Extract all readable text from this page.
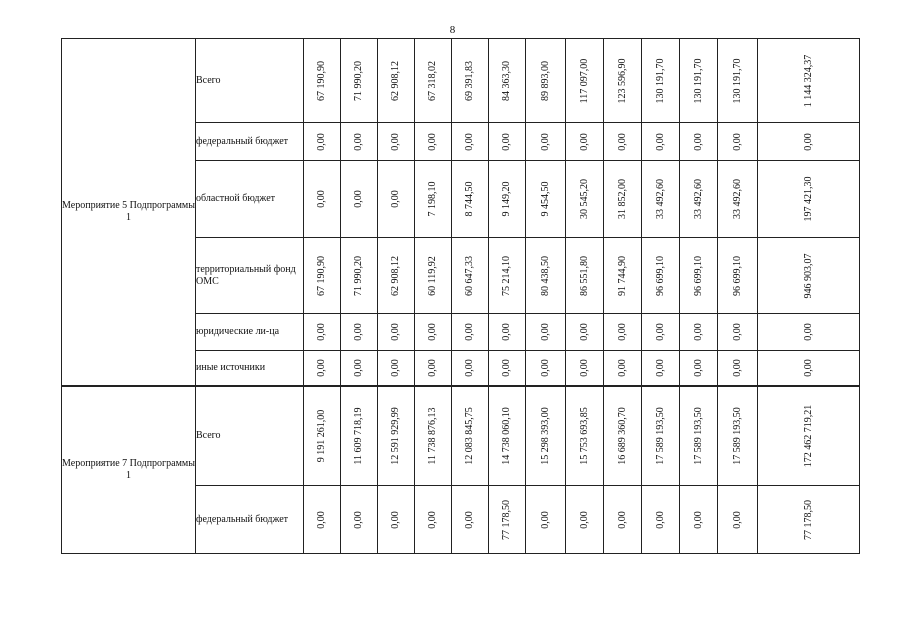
8
Мероприятие 5 Подпрограммы 1	Всего	67 190,90	71 990,20	62 908,12	67 318,02	69 391,83	84 363,30	89 893,00	117 097,00	123 596,90	130 191,70	130 191,70	130 191,70	1 144 324,37

	федеральный бюджет	0,00	0,00	0,00	0,00	0,00	0,00	0,00	0,00	0,00	0,00	0,00	0,00	0,00

	областной бюджет	0,00	0,00	0,00	7 198,10	8 744,50	9 149,20	9 454,50	30 545,20	31 852,00	33 492,60	33 492,60	33 492,60	197 421,30

	территориальный фонд ОМС	67 190,90	71 990,20	62 908,12	60 119,92	60 647,33	75 214,10	80 438,50	86 551,80	91 744,90	96 699,10	96 699,10	96 699,10	946 903,07

	юридические ли-ца	0,00	0,00	0,00	0,00	0,00	0,00	0,00	0,00	0,00	0,00	0,00	0,00	0,00

	иные источники	0,00	0,00	0,00	0,00	0,00	0,00	0,00	0,00	0,00	0,00	0,00	0,00	0,00

Мероприятие 7 Подпрограммы 1	Всего	9 191 261,00	11 609 718,19	12 591 929,99	11 738 876,13	12 083 845,75	14 738 060,10	15 298 393,00	15 753 693,85	16 689 360,70	17 589 193,50	17 589 193,50	17 589 193,50	172 462 719,21

	федеральный бюджет	0,00	0,00	0,00	0,00	0,00	77 178,50	0,00	0,00	0,00	0,00	0,00	0,00	77 178,50
